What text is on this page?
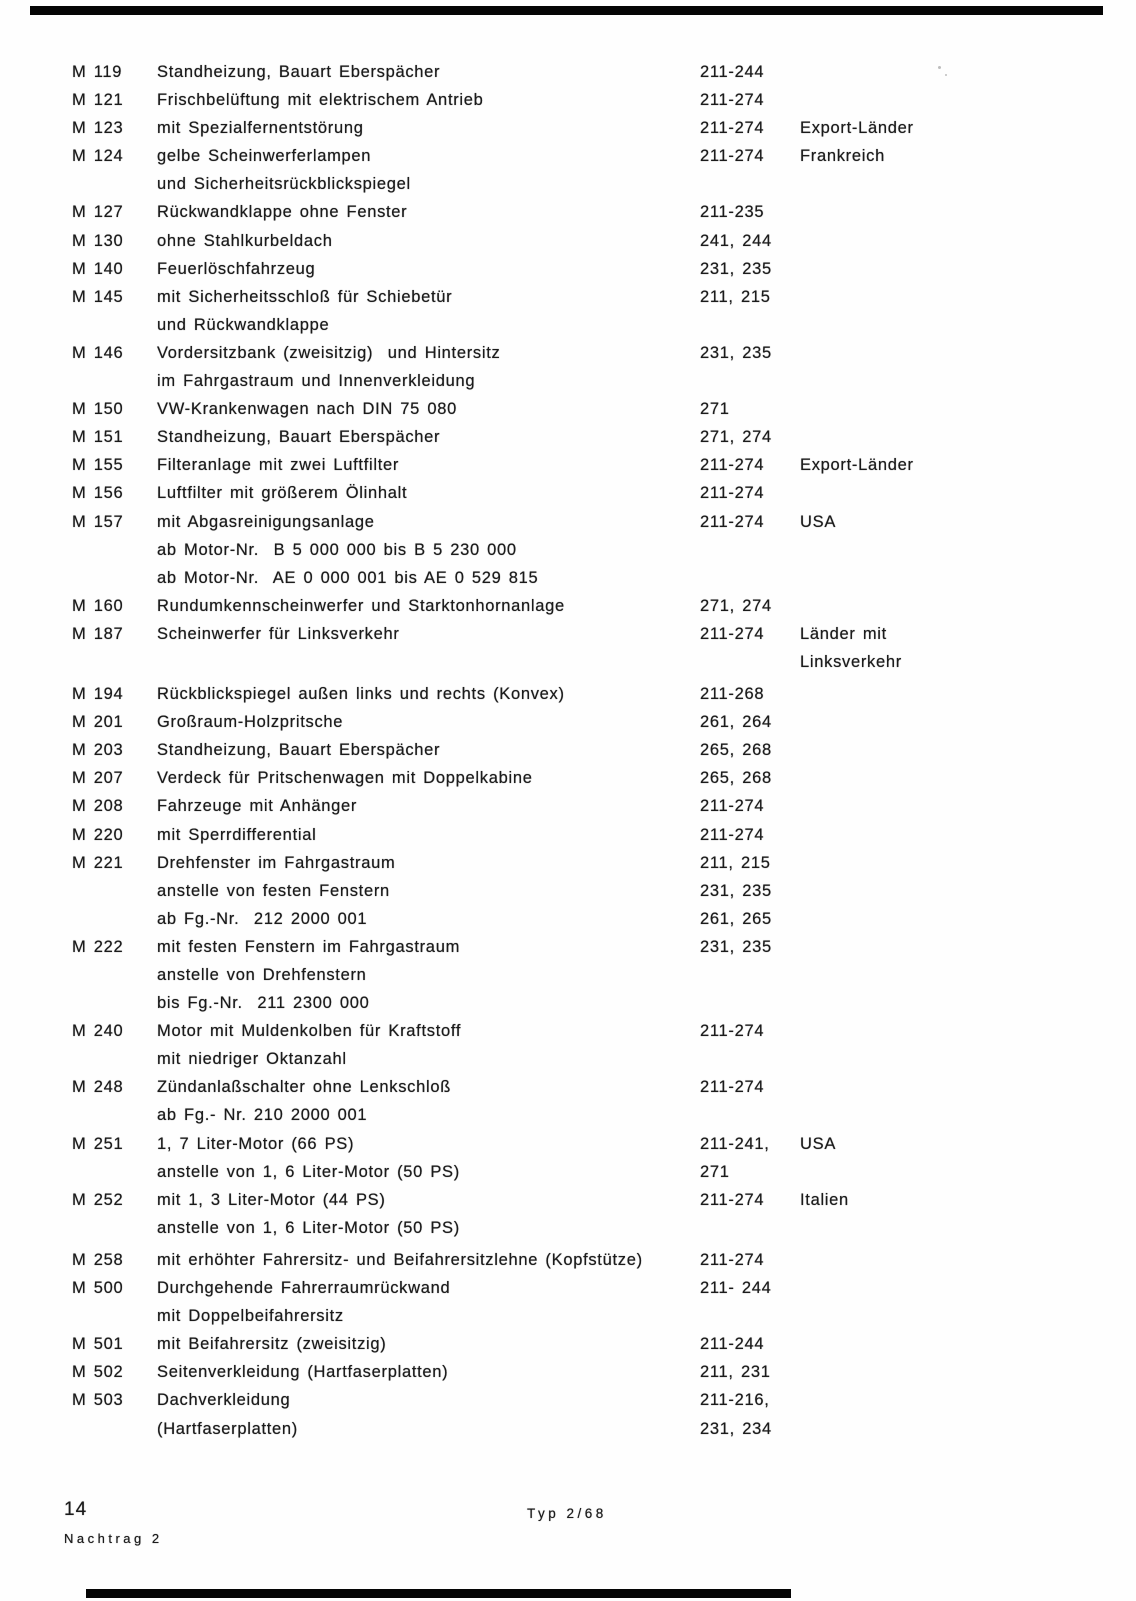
M 119 Standheizung, Bauart Eberspächer	211-244
M 121 Frischbelüftung mit elektrischem Antrieb	211-274
M 123 mit Spezialfernentstörung	211-274 Export-Länder
M 124 gelbe Scheinwerferlampen	211-274 Frankreich
und Sicherheitsrückblickspiegel
M 127 Rückwandklappe ohne Fenster	211-235
M 130 ohne Stahlkurbeldach	241, 244
M 140 Feuerlöschfahrzeug	231, 235
M 145 mit Sicherheitsschloß für Schiebetür	211, 215
und Rückwandklappe
M 146 Vordersitzbank (zweisitzig)  und Hintersitz	231, 235
im Fahrgastraum und Innenverkleidung
M 150 VW-Krankenwagen nach DIN 75 080	271
M 151 Standheizung, Bauart Eberspächer	271, 274
M 155 Filteranlage mit zwei Luftfilter	211-274 Export-Länder
M 156 Luftfilter mit größerem Ölinhalt	211-274
M 157 mit Abgasreinigungsanlage	211-274 USA
ab Motor-Nr.  B 5 000 000 bis B 5 230 000
ab Motor-Nr.  AE 0 000 001 bis AE 0 529 815
M 160 Rundumkennscheinwerfer und Starktonhornanlage	271, 274
M 187 Scheinwerfer für Linksverkehr	211-274 Länder mit
Linksverkehr
M 194 Rückblickspiegel außen links und rechts (Konvex)	211-268
M 201 Großraum-Holzpritsche	261, 264
M 203 Standheizung, Bauart Eberspächer	265, 268
M 207 Verdeck für Pritschenwagen mit Doppelkabine	265, 268
M 208 Fahrzeuge mit Anhänger	211-274
M 220 mit Sperrdifferential	211-274
M 221 Drehfenster im Fahrgastraum	211, 215
anstelle von festen Fenstern	231, 235
ab Fg.-Nr.  212 2000 001	261, 265
M 222 mit festen Fenstern im Fahrgastraum	231, 235
anstelle von Drehfenstern
bis Fg.-Nr.  211 2300 000
M 240 Motor mit Muldenkolben für Kraftstoff	211-274
mit niedriger Oktanzahl
M 248 Zündanlaßschalter ohne Lenkschloß	211-274
ab Fg.- Nr. 210 2000 001
M 251 1, 7 Liter-Motor (66 PS)	211-241, USA
anstelle von 1, 6 Liter-Motor (50 PS)	271
M 252 mit 1, 3 Liter-Motor (44 PS)	211-274 Italien
anstelle von 1, 6 Liter-Motor (50 PS)
M 258 mit erhöhter Fahrersitz- und Beifahrersitzlehne (Kopfstütze)	211-274
M 500 Durchgehende Fahrerraumrückwand	211- 244
mit Doppelbeifahrersitz
M 501 mit Beifahrersitz (zweisitzig)	211-244
M 502 Seitenverkleidung (Hartfaserplatten)	211, 231
M 503 Dachverkleidung	211-216,
(Hartfaserplatten)	231, 234
14	Typ 2/68
Nachtrag 2
